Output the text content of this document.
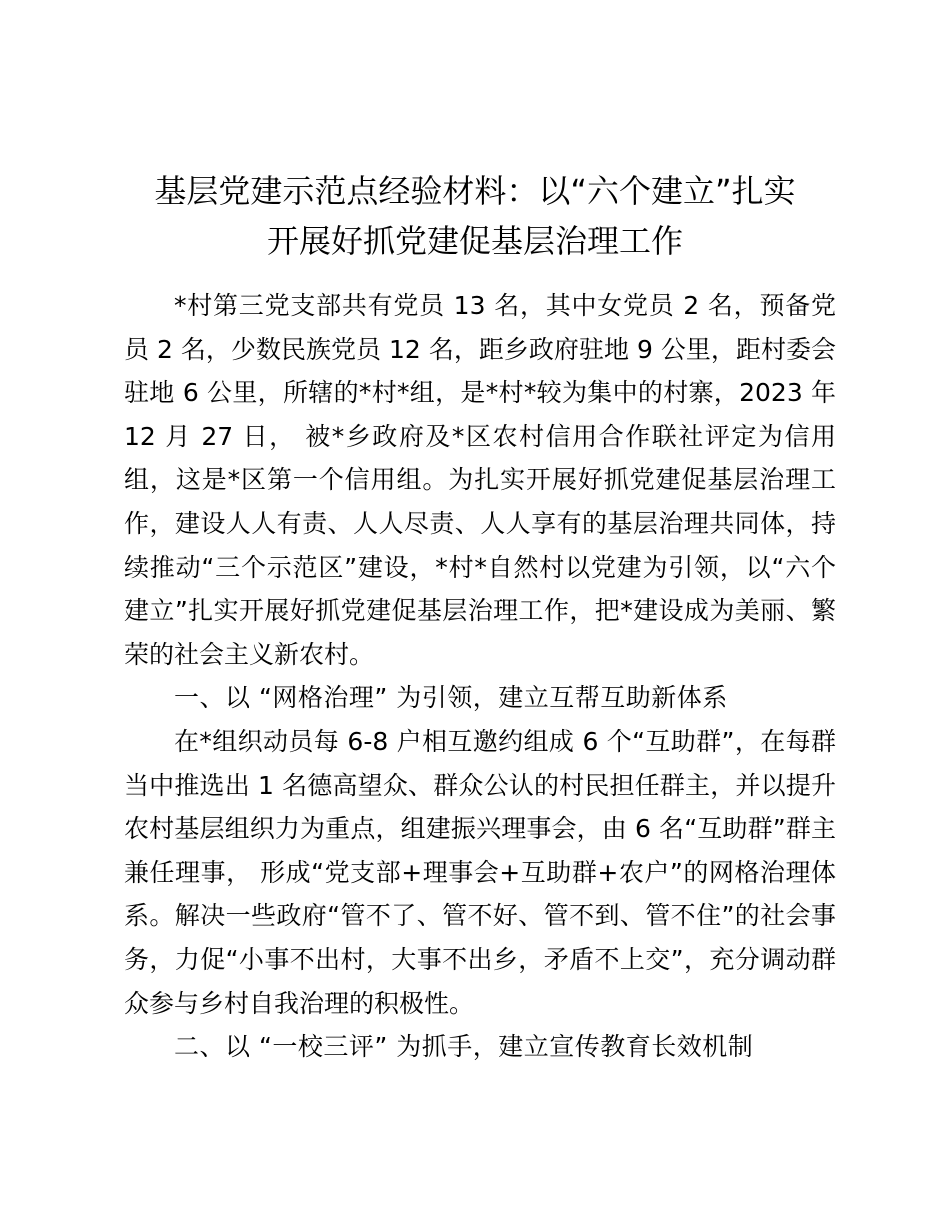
基层党建示范点经验材料：以“六个建立”扎实
开展好抓党建促基层治理工作

*村第三党支部共有党员 13 名，其中女党员 2 名，预备党员 2 名，少数民族党员 12 名，距乡政府驻地 9 公里，距村委会驻地 6 公里，所辖的*村*组，是*村*较为集中的村寨，2023 年 12 月 27 日， 被*乡政府及*区农村信用合作联社评定为信用组，这是*区第一个信用组。为扎实开展好抓党建促基层治理工作，建设人人有责、人人尽责、人人享有的基层治理共同体，持续推动“三个示范区”建设，*村*自然村以党建为引领，以“六个建立”扎实开展好抓党建促基层治理工作，把*建设成为美丽、繁荣的社会主义新农村。

一、以 “网格治理” 为引领，建立互帮互助新体系

在*组织动员每 6-8 户相互邀约组成 6 个“互助群”，在每群当中推选出 1 名德高望众、群众公认的村民担任群主，并以提升农村基层组织力为重点，组建振兴理事会，由 6 名“互助群”群主兼任理事， 形成“党支部+理事会+互助群+农户”的网格治理体系。解决一些政府“管不了、管不好、管不到、管不住”的社会事务，力促“小事不出村，大事不出乡，矛盾不上交”，充分调动群众参与乡村自我治理的积极性。

二、以 “一校三评” 为抓手，建立宣传教育长效机制
